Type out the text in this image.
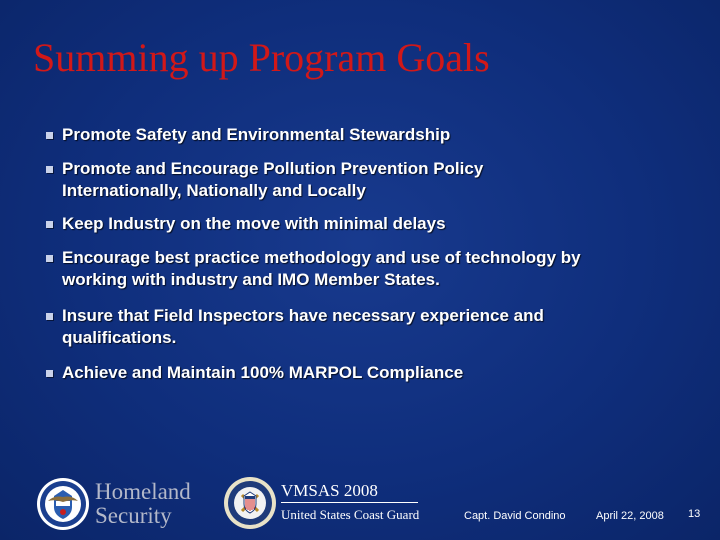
Summing up Program Goals
Promote Safety and Environmental Stewardship
Promote and Encourage Pollution Prevention Policy
Internationally, Nationally and Locally
Keep Industry on the move with minimal delays
Encourage best practice methodology and use of technology by
working with industry and IMO Member States.
Insure that Field Inspectors have necessary experience and
qualifications.
Achieve and Maintain 100% MARPOL Compliance
Homeland
Security
VMSAS 2008
United States Coast Guard	Capt. David Condino	April 22, 2008 13
